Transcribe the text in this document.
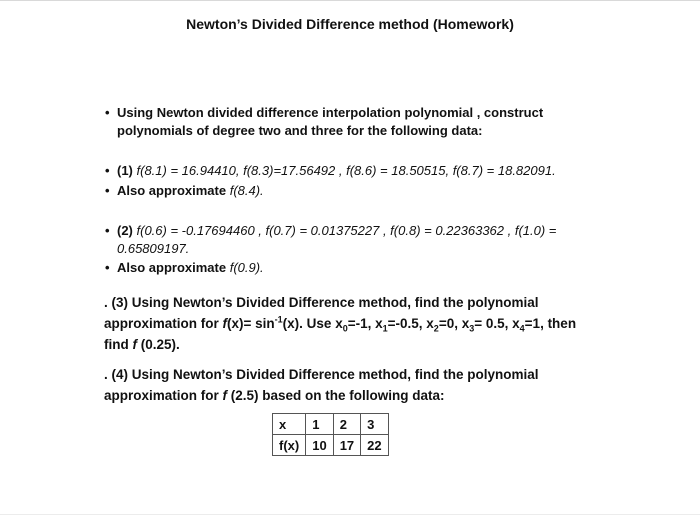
Newton’s Divided Difference method (Homework)
• Using Newton divided difference interpolation polynomial , construct
polynomials of degree two and three for the following data:
• (1) f(8.1) = 16.94410, f(8.3)=17.56492 , f(8.6) = 18.50515, f(8.7) = 18.82091.
• Also approximate f(8.4).
• (2) f(0.6) = -0.17694460 , f(0.7) = 0.01375227 , f(0.8) = 0.22363362 , f(1.0) =
0.65809197.
• Also approximate f(0.9).
. (3) Using Newton’s Divided Difference method, find the polynomial
approximation for $f(x)= \sin^{-1}(x)$. Use $x_0=-1$, $x_1=-0.5$, $x_2=0$, $x_3= 0.5$, $x_4=1$, then
find f (0.25).
. (4) Using Newton’s Divided Difference method, find the polynomial
approximation for f (2.5) based on the following data:
x	1	2	3
f(x)	10	17	22
